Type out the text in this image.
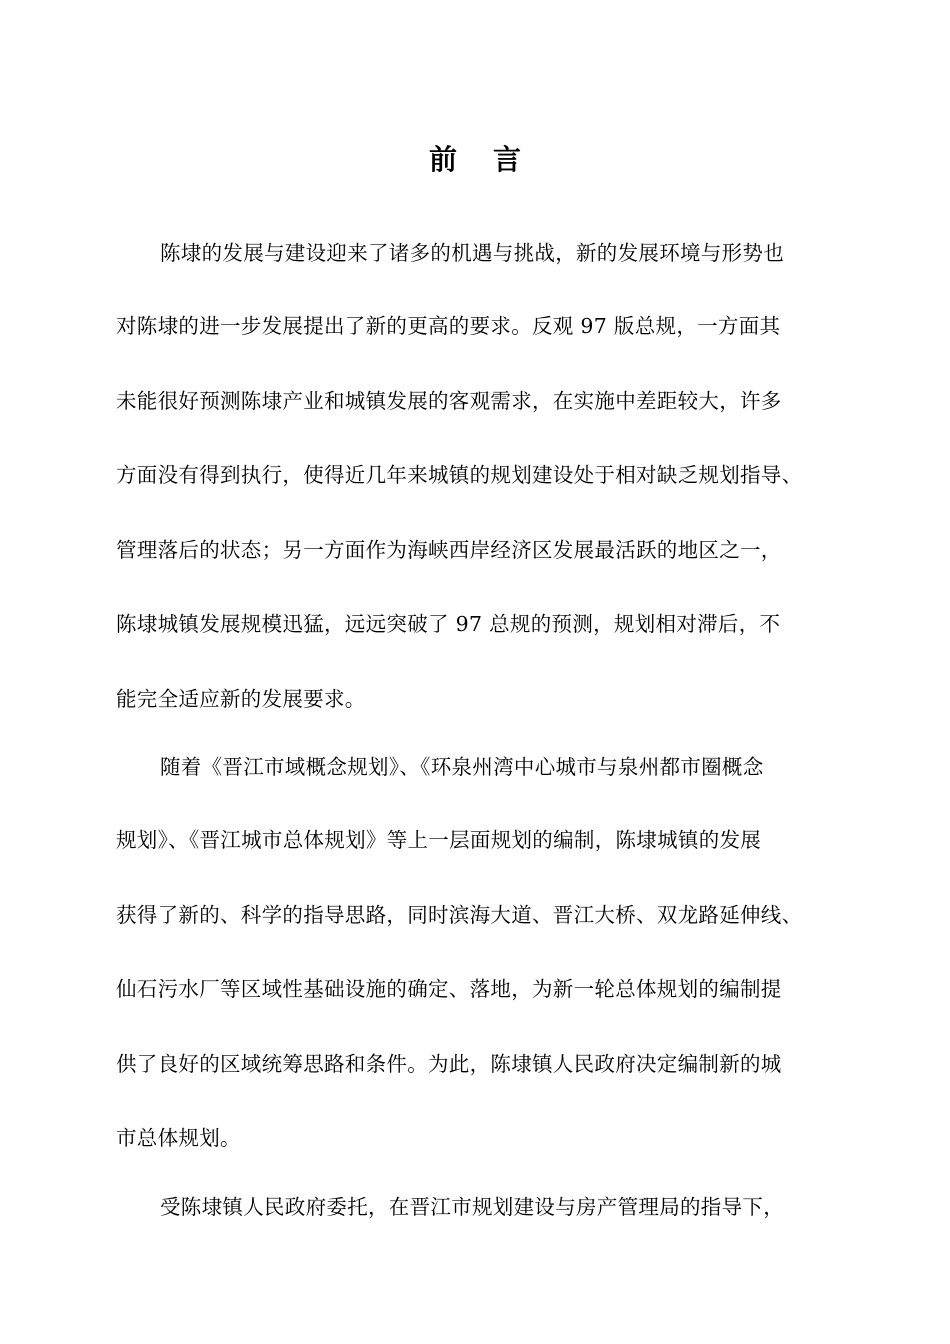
前 言
陈埭的发展与建设迎来了诸多的机遇与挑战，新的发展环境与形势也
对陈埭的进一步发展提出了新的更高的要求。反观 97 版总规，一方面其
未能很好预测陈埭产业和城镇发展的客观需求，在实施中差距较大，许多
方面没有得到执行，使得近几年来城镇的规划建设处于相对缺乏规划指导、
管理落后的状态；另一方面作为海峡西岸经济区发展最活跃的地区之一，
陈埭城镇发展规模迅猛，远远突破了 97 总规的预测，规划相对滞后，不
能完全适应新的发展要求。
随着《晋江市域概念规划》、《环泉州湾中心城市与泉州都市圈概念
规划》、《晋江城市总体规划》等上一层面规划的编制，陈埭城镇的发展
获得了新的、科学的指导思路，同时滨海大道、晋江大桥、双龙路延伸线、
仙石污水厂等区域性基础设施的确定、落地，为新一轮总体规划的编制提
供了良好的区域统筹思路和条件。为此，陈埭镇人民政府决定编制新的城
市总体规划。
受陈埭镇人民政府委托，在晋江市规划建设与房产管理局的指导下，
